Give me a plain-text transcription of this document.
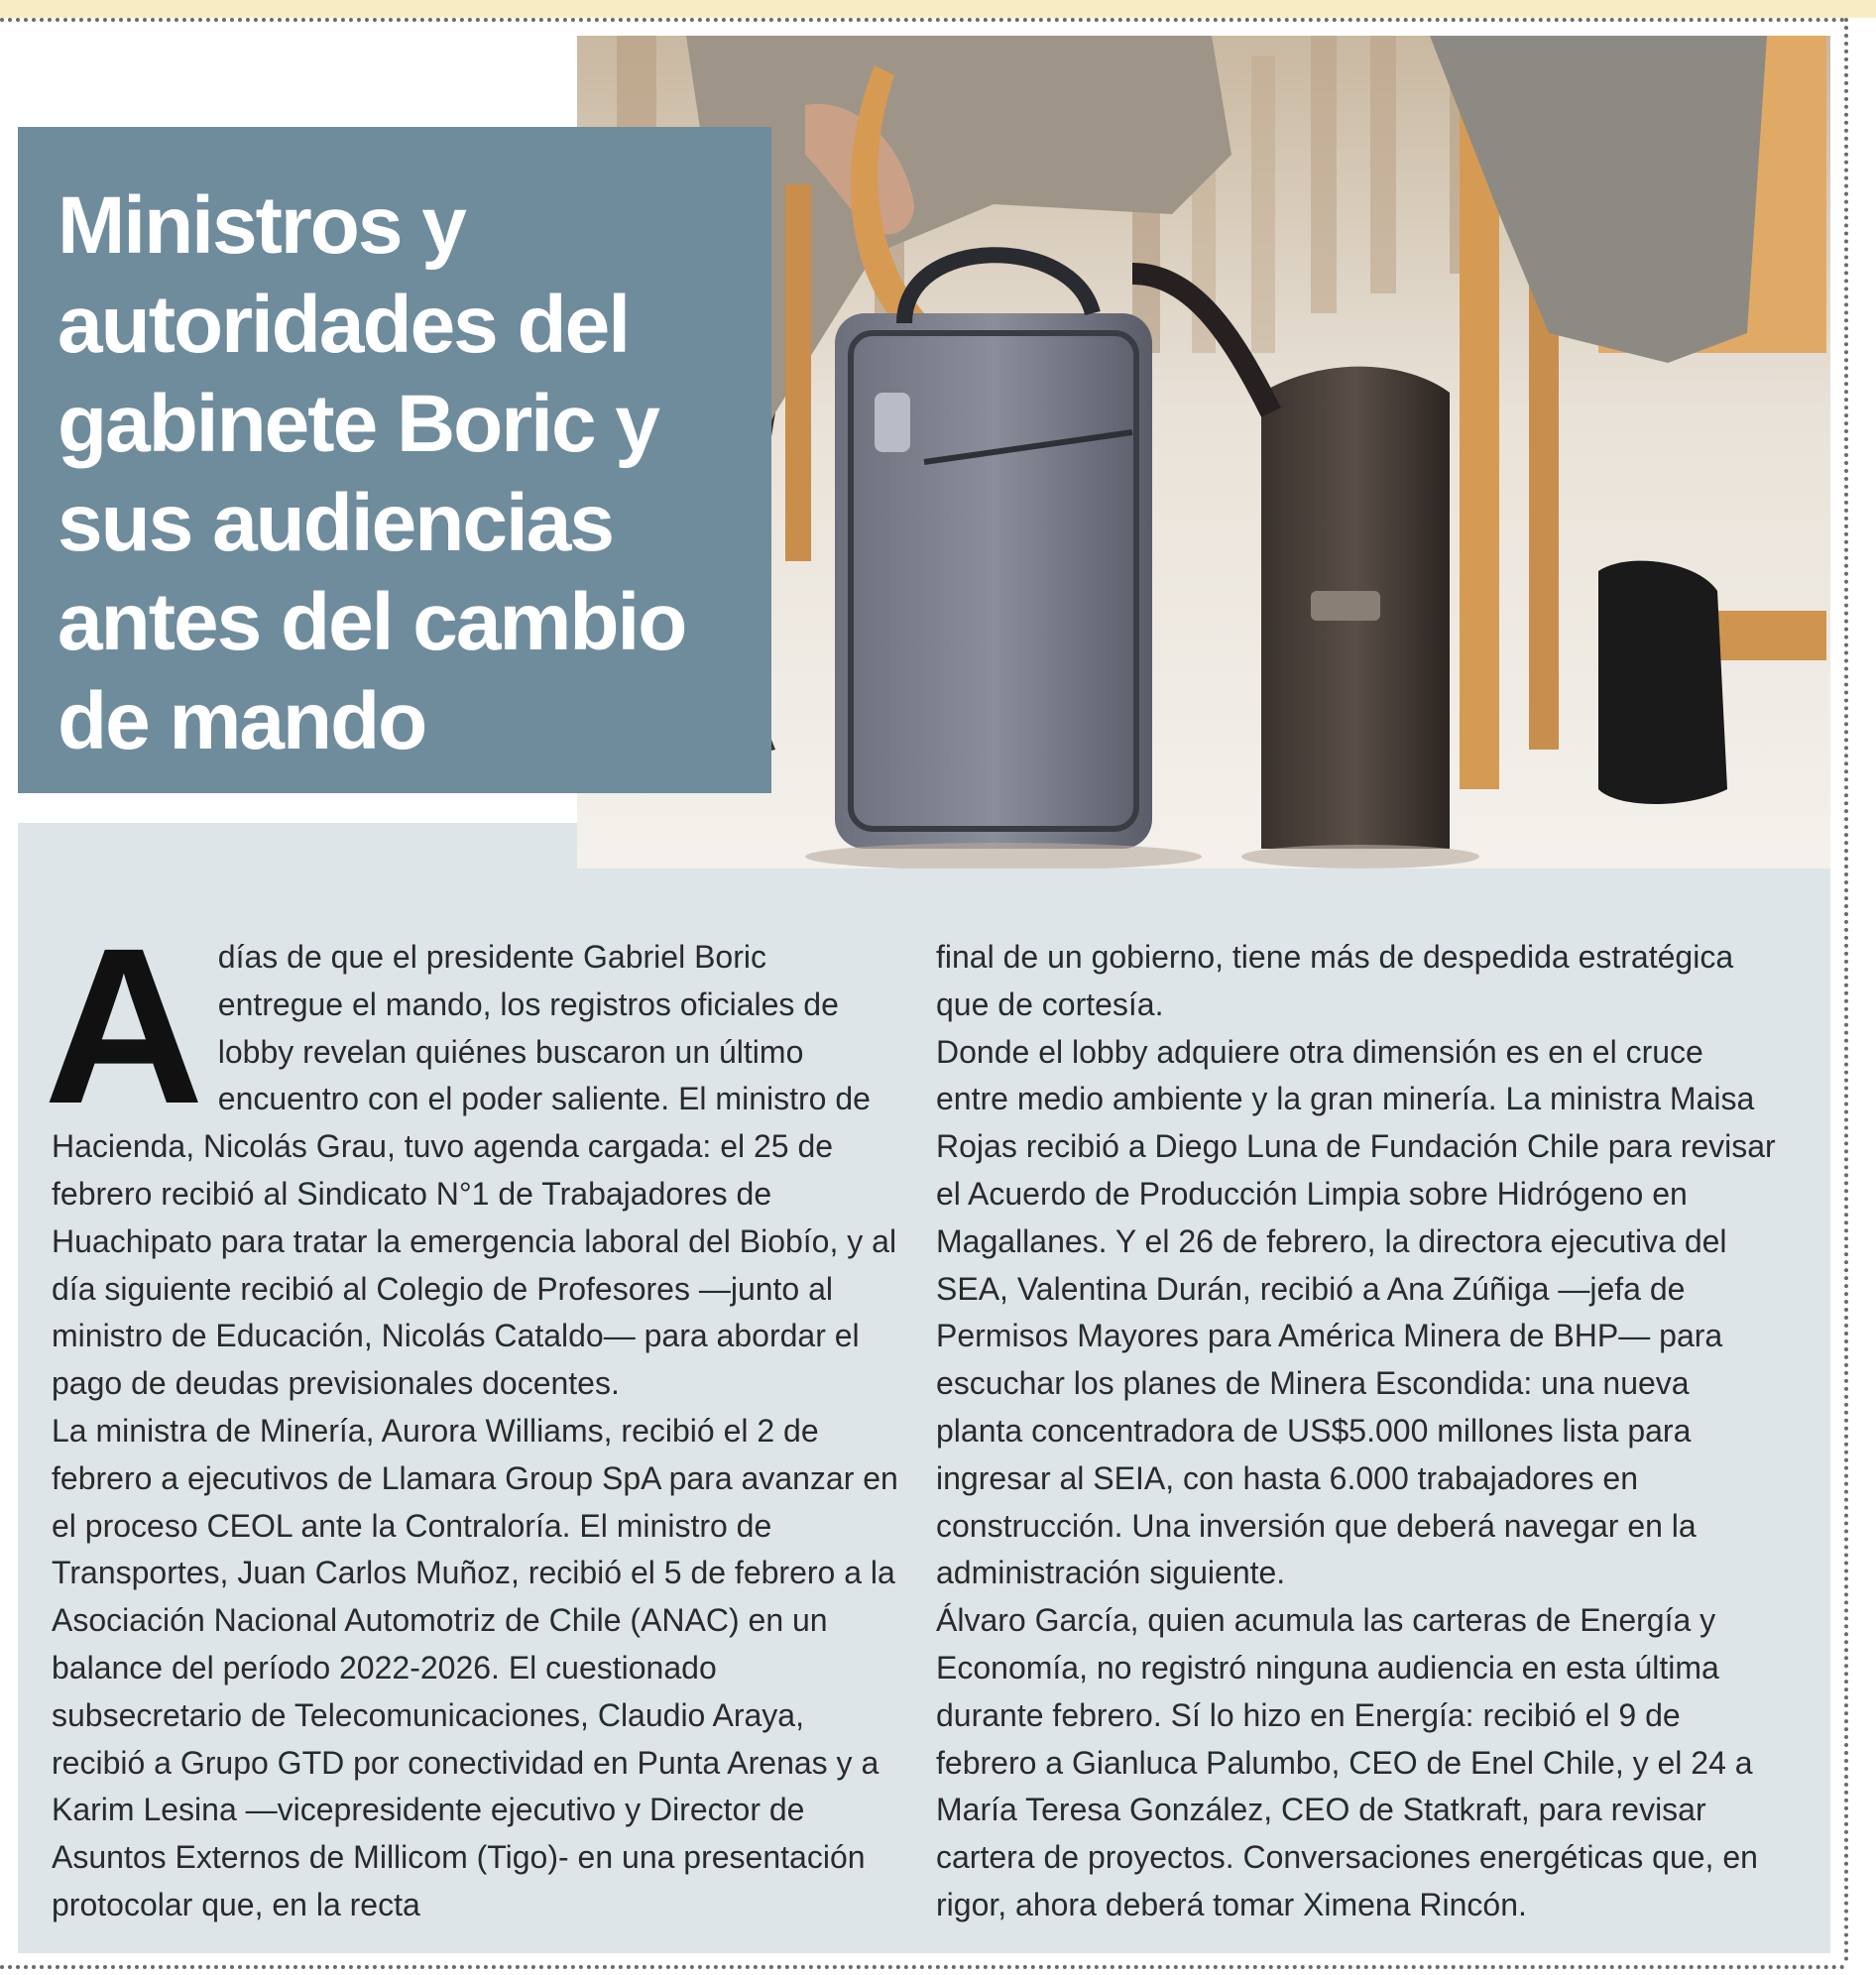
Ministros y autoridades del gabinete Boric y sus audiencias antes del cambio de mando

Adías de que el presidente Gabriel Boric entregue el mando, los registros oficiales de lobby revelan quiénes buscaron un último encuentro con el poder saliente. El ministro de Hacienda, Nicolás Grau, tuvo agenda cargada: el 25 de febrero recibió al Sindicato N°1 de Trabajadores de Huachipato para tratar la emergencia laboral del Biobío, y al día siguiente recibió al Colegio de Profesores —junto al ministro de Educación, Nicolás Cataldo— para abordar el pago de deudas previsionales docentes.

La ministra de Minería, Aurora Williams, recibió el 2 de febrero a ejecutivos de Llamara Group SpA para avanzar en el proceso CEOL ante la Contraloría. El ministro de Transportes, Juan Carlos Muñoz, recibió el 5 de febrero a la Asociación Nacional Automotriz de Chile (ANAC) en un balance del período 2022-2026. El cuestionado subsecretario de Telecomunicaciones, Claudio Araya, recibió a Grupo GTD por conectividad en Punta Arenas y a Karim Lesina —vicepresidente ejecutivo y Director de Asuntos Externos de Millicom (Tigo)- en una presentación protocolar que, en la recta

final de un gobierno, tiene más de despedida estratégica que de cortesía.

Donde el lobby adquiere otra dimensión es en el cruce entre medio ambiente y la gran minería. La ministra Maisa Rojas recibió a Diego Luna de Fundación Chile para revisar el Acuerdo de Producción Limpia sobre Hidrógeno en Magallanes. Y el 26 de febrero, la directora ejecutiva del SEA, Valentina Durán, recibió a Ana Zúñiga —jefa de Permisos Mayores para América Minera de BHP— para escuchar los planes de Minera Escondida: una nueva planta concentradora de US$5.000 millones lista para ingresar al SEIA, con hasta 6.000 trabajadores en construcción. Una inversión que deberá navegar en la administración siguiente.

Álvaro García, quien acumula las carteras de Energía y Economía, no registró ninguna audiencia en esta última durante febrero. Sí lo hizo en Energía: recibió el 9 de febrero a Gianluca Palumbo, CEO de Enel Chile, y el 24 a María Teresa González, CEO de Statkraft, para revisar cartera de proyectos. Conversaciones energéticas que, en rigor, ahora deberá tomar Ximena Rincón.
